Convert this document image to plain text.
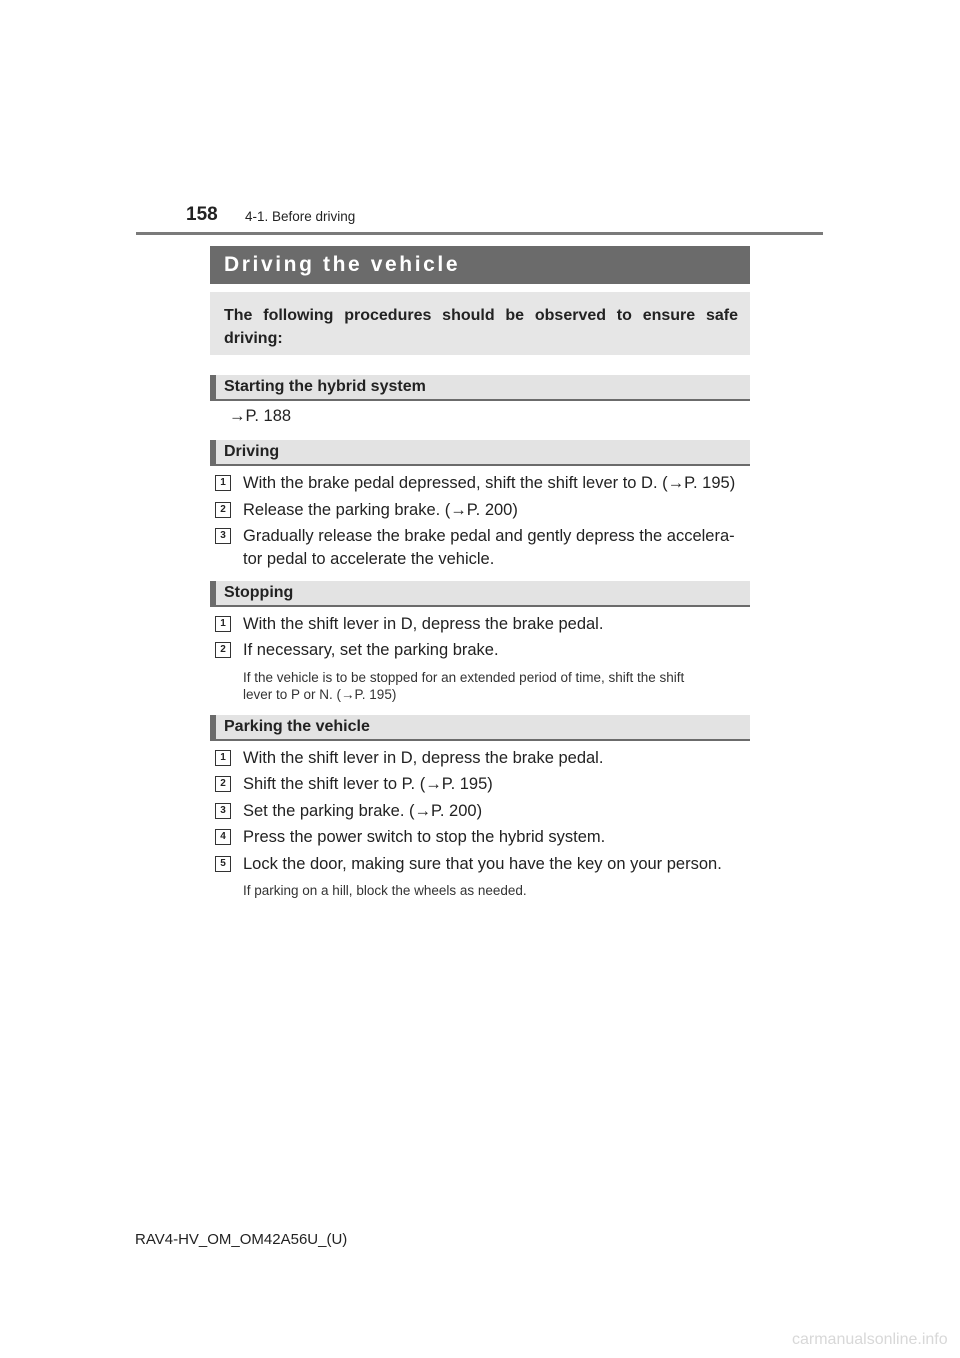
158 4-1. Before driving
Driving the vehicle
The following procedures should be observed to ensure safe driving:
Starting the hybrid system
→P. 188
Driving
1	With the brake pedal depressed, shift the shift lever to D. (→P. 195)
2	Release the parking brake. (→P. 200)
3	Gradually release the brake pedal and gently depress the accelera-
tor pedal to accelerate the vehicle.
Stopping
1	With the shift lever in D, depress the brake pedal.
2	If necessary, set the parking brake.
If the vehicle is to be stopped for an extended period of time, shift the shift
lever to P or N. (→P. 195)
Parking the vehicle
1	With the shift lever in D, depress the brake pedal.
2	Shift the shift lever to P. (→P. 195)
3	Set the parking brake. (→P. 200)
4	Press the power switch to stop the hybrid system.
5	Lock the door, making sure that you have the key on your person.
If parking on a hill, block the wheels as needed.
RAV4-HV_OM_OM42A56U_(U)
carmanualsonline.info
